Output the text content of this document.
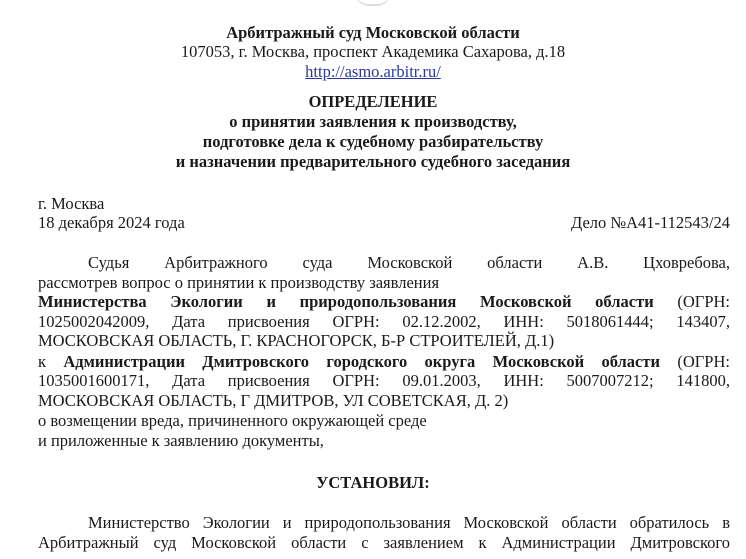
Арбитражный суд Московской области
107053, г. Москва, проспект Академика Сахарова, д.18
http://asmo.arbitr.ru/
ОПРЕДЕЛЕНИЕ
о принятии заявления к производству,
подготовке дела к судебному разбирательству
и назначении предварительного судебного заседания
г. Москва
18 декабря 2024 года	Дело №А41-112543/24
Судья Арбитражного суда Московской области А.В. Цховребова,
рассмотрев вопрос о принятии к производству заявления
Министерства Экологии и природопользования Московской области (ОГРН:
1025002042009, Дата присвоения ОГРН: 02.12.2002, ИНН: 5018061444; 143407,
МОСКОВСКАЯ ОБЛАСТЬ, Г. КРАСНОГОРСК, Б-Р СТРОИТЕЛЕЙ, Д.1)
к Администрации Дмитровского городского округа Московской области (ОГРН:
1035001600171, Дата присвоения ОГРН: 09.01.2003, ИНН: 5007007212; 141800,
МОСКОВСКАЯ ОБЛАСТЬ, Г ДМИТРОВ, УЛ СОВЕТСКАЯ, Д. 2)
о возмещении вреда, причиненного окружающей среде
и приложенные к заявлению документы,
УСТАНОВИЛ:
Министерство Экологии и природопользования Московской области обратилось в
Арбитражный суд Московской области с заявлением к Администрации Дмитровского
